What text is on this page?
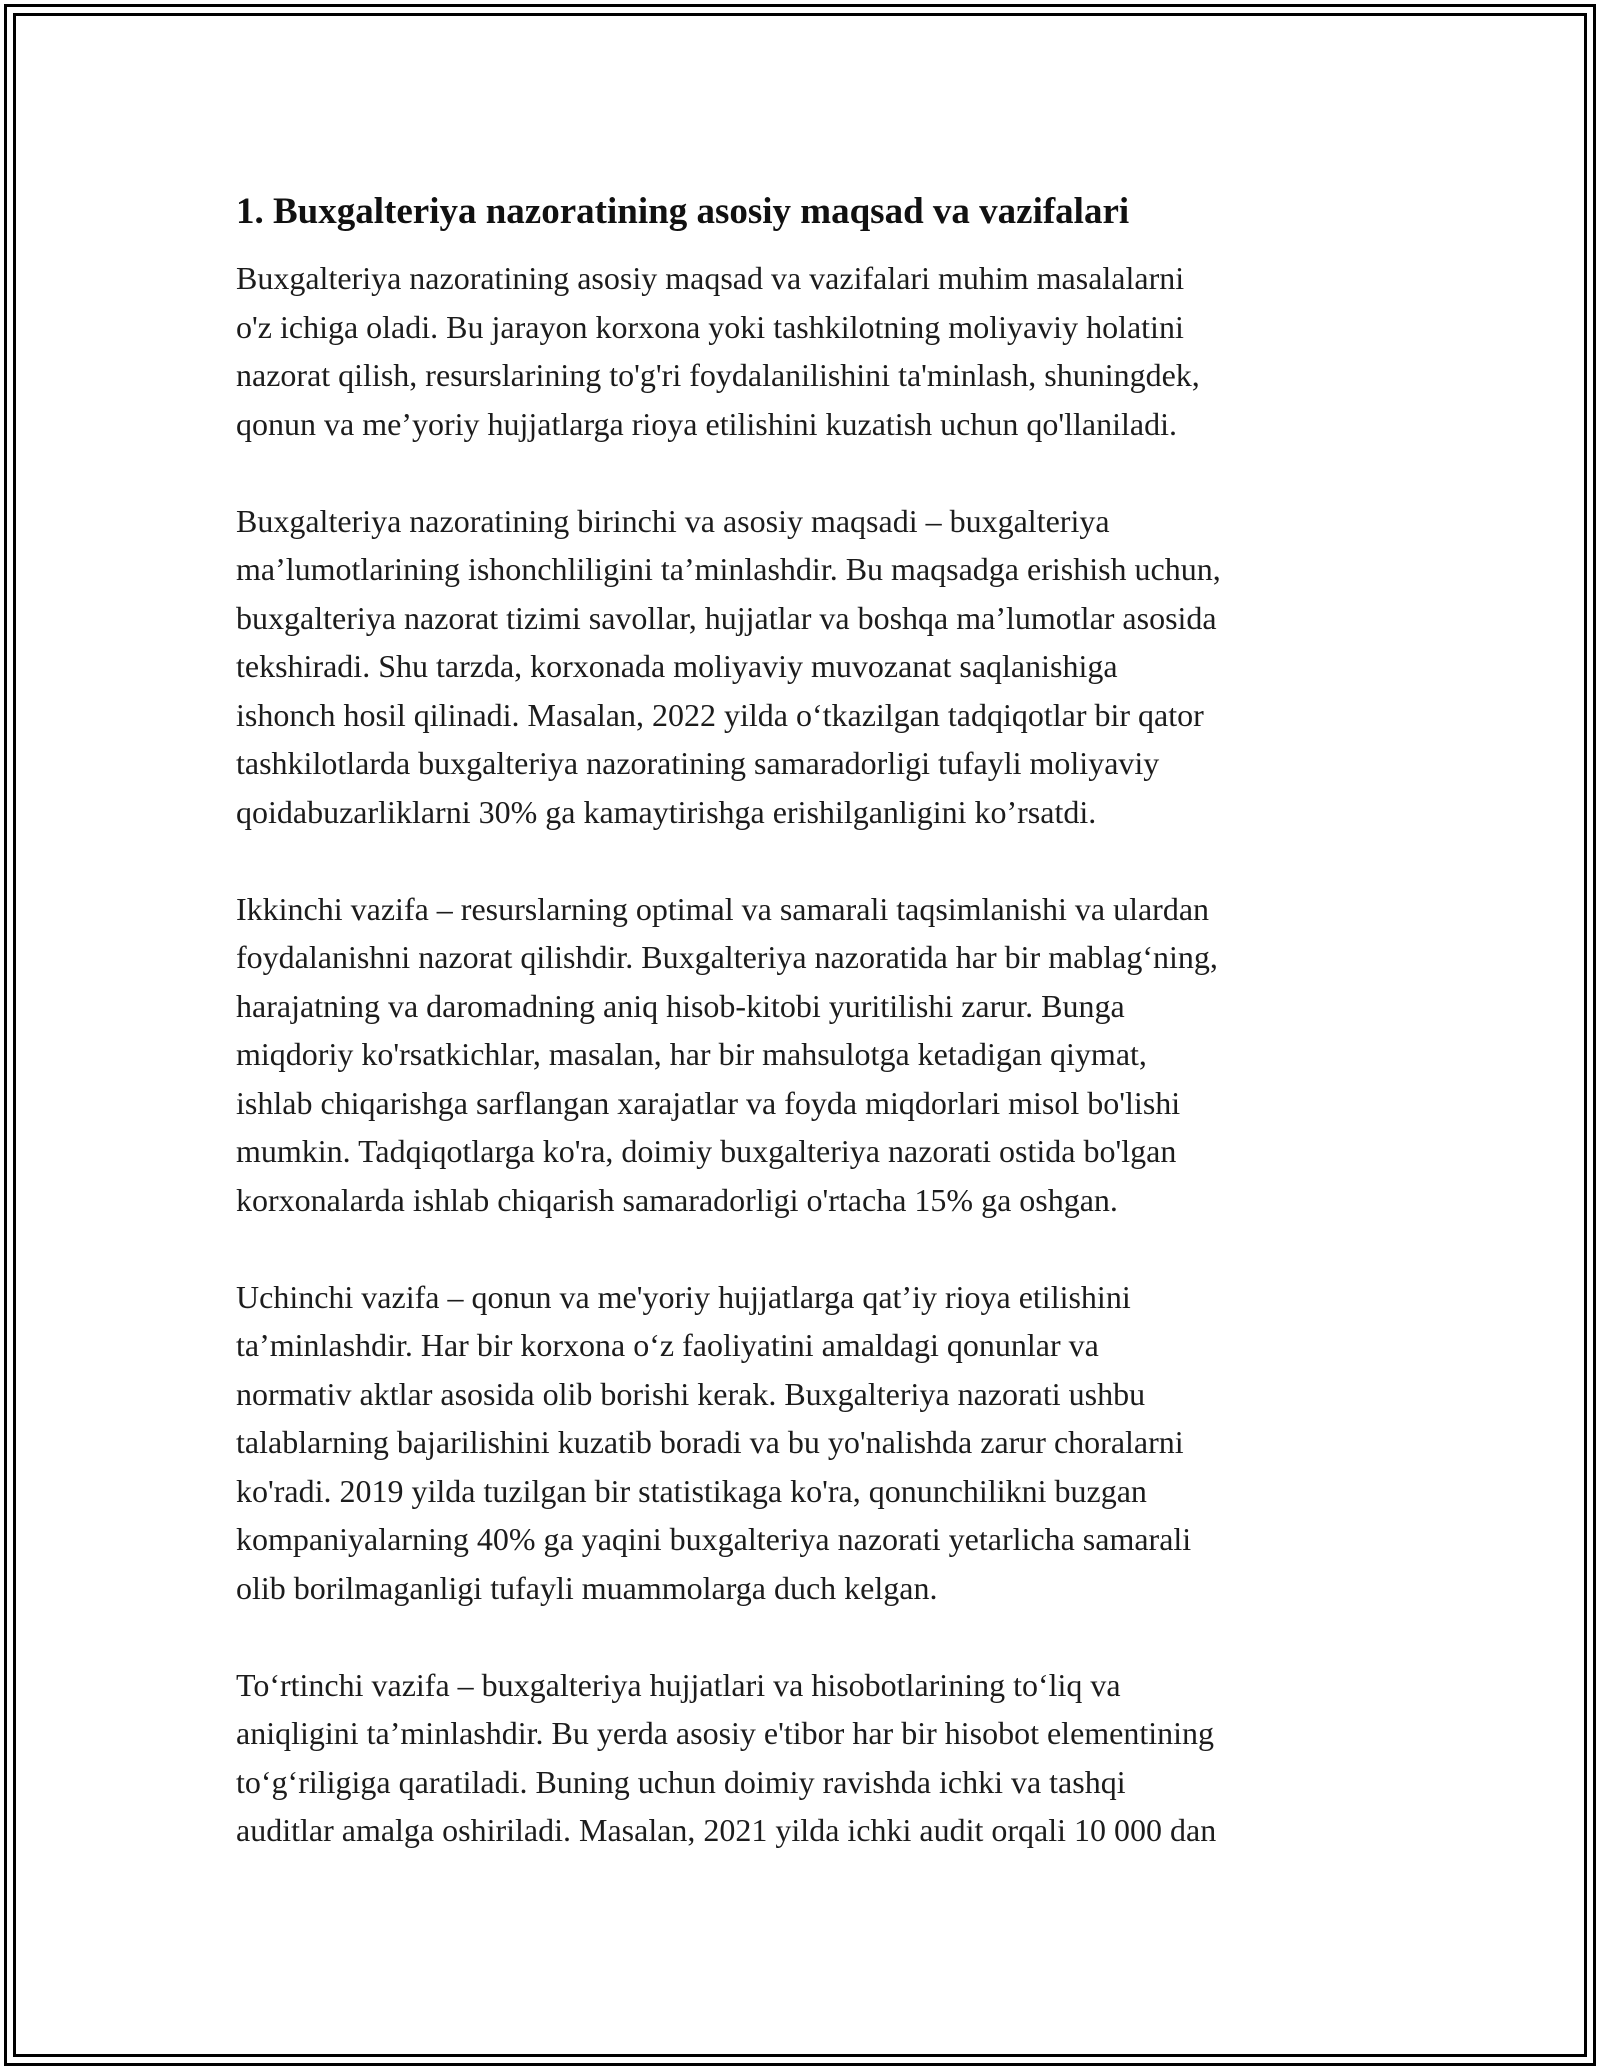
1. Buxgalteriya nazoratining asosiy maqsad va vazifalari
Buxgalteriya nazoratining asosiy maqsad va vazifalari muhim masalalarni
o'z ichiga oladi. Bu jarayon korxona yoki tashkilotning moliyaviy holatini
nazorat qilish, resurslarining to'g'ri foydalanilishini ta'minlash, shuningdek,
qonun va me’yoriy hujjatlarga rioya etilishini kuzatish uchun qo'llaniladi.
Buxgalteriya nazoratining birinchi va asosiy maqsadi – buxgalteriya
ma’lumotlarining ishonchliligini ta’minlashdir. Bu maqsadga erishish uchun,
buxgalteriya nazorat tizimi savollar, hujjatlar va boshqa ma’lumotlar asosida
tekshiradi. Shu tarzda, korxonada moliyaviy muvozanat saqlanishiga
ishonch hosil qilinadi. Masalan, 2022 yilda o‘tkazilgan tadqiqotlar bir qator
tashkilotlarda buxgalteriya nazoratining samaradorligi tufayli moliyaviy
qoidabuzarliklarni 30% ga kamaytirishga erishilganligini ko’rsatdi.
Ikkinchi vazifa – resurslarning optimal va samarali taqsimlanishi va ulardan
foydalanishni nazorat qilishdir. Buxgalteriya nazoratida har bir mablag‘ning,
harajatning va daromadning aniq hisob-kitobi yuritilishi zarur. Bunga
miqdoriy ko'rsatkichlar, masalan, har bir mahsulotga ketadigan qiymat,
ishlab chiqarishga sarflangan xarajatlar va foyda miqdorlari misol bo'lishi
mumkin. Tadqiqotlarga ko'ra, doimiy buxgalteriya nazorati ostida bo'lgan
korxonalarda ishlab chiqarish samaradorligi o'rtacha 15% ga oshgan.
Uchinchi vazifa – qonun va me'yoriy hujjatlarga qat’iy rioya etilishini
ta’minlashdir. Har bir korxona o‘z faoliyatini amaldagi qonunlar va
normativ aktlar asosida olib borishi kerak. Buxgalteriya nazorati ushbu
talablarning bajarilishini kuzatib boradi va bu yo'nalishda zarur choralarni
ko'radi. 2019 yilda tuzilgan bir statistikaga ko'ra, qonunchilikni buzgan
kompaniyalarning 40% ga yaqini buxgalteriya nazorati yetarlicha samarali
olib borilmaganligi tufayli muammolarga duch kelgan.
To‘rtinchi vazifa – buxgalteriya hujjatlari va hisobotlarining to‘liq va
aniqligini ta’minlashdir. Bu yerda asosiy e'tibor har bir hisobot elementining
to‘g‘riligiga qaratiladi. Buning uchun doimiy ravishda ichki va tashqi
auditlar amalga oshiriladi. Masalan, 2021 yilda ichki audit orqali 10 000 dan
